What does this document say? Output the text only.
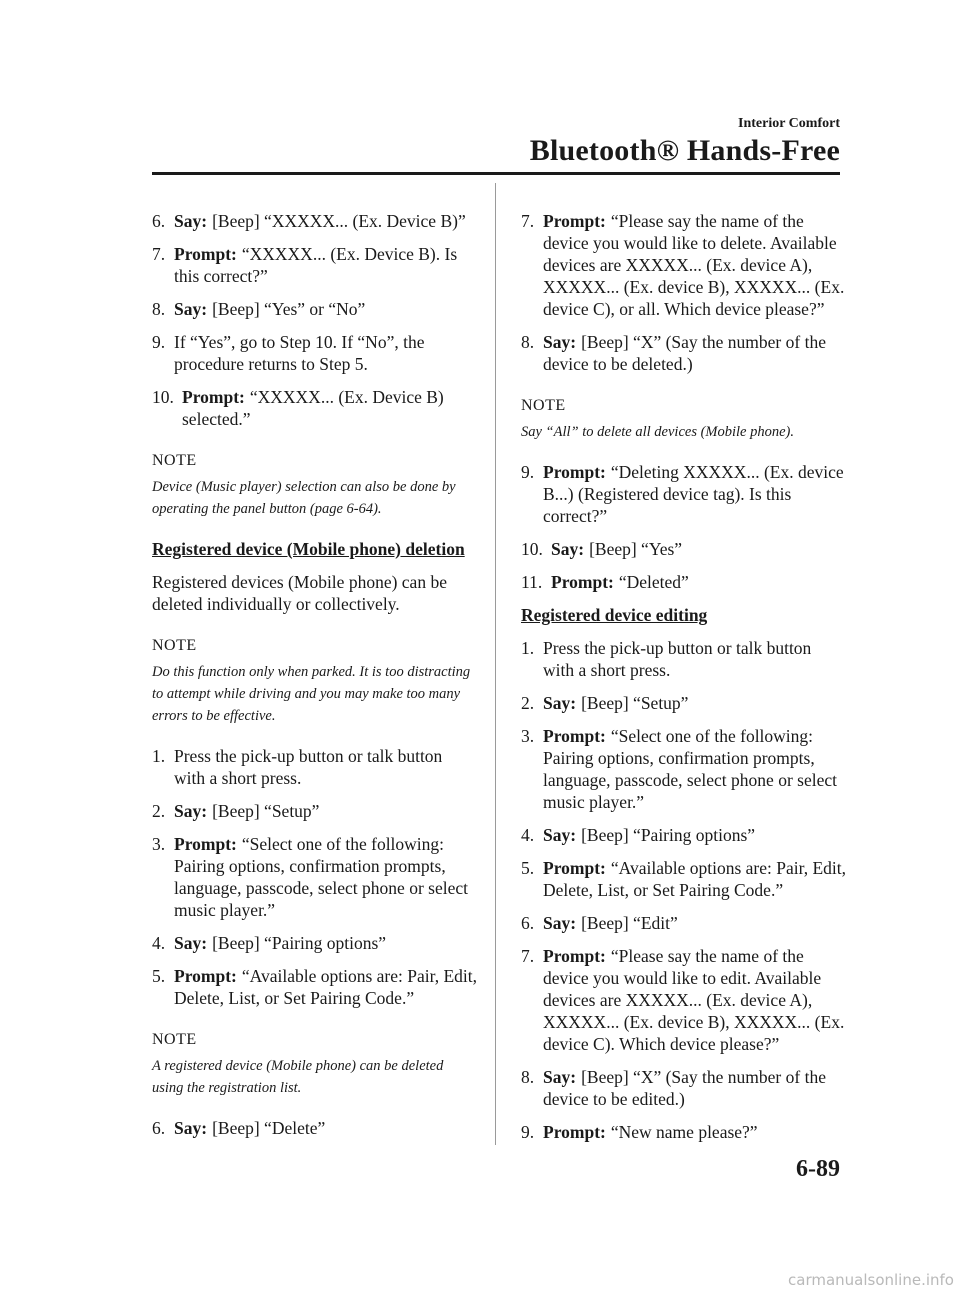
Interior Comfort
Bluetooth® Hands-Free
6. Say: [Beep] “XXXXX... (Ex. Device B)”
7. Prompt: “XXXXX... (Ex. Device B). Is this correct?”
8. Say: [Beep] “Yes” or “No”
9. If “Yes”, go to Step 10. If “No”, the procedure returns to Step 5.
10. Prompt: “XXXXX... (Ex. Device B) selected.”
NOTE
Device (Music player) selection can also be done by operating the panel button (page 6-64).
Registered device (Mobile phone) deletion
Registered devices (Mobile phone) can be deleted individually or collectively.
NOTE
Do this function only when parked. It is too distracting to attempt while driving and you may make too many errors to be effective.
1. Press the pick-up button or talk button with a short press.
2. Say: [Beep] “Setup”
3. Prompt: “Select one of the following: Pairing options, confirmation prompts, language, passcode, select phone or select music player.”
4. Say: [Beep] “Pairing options”
5. Prompt: “Available options are: Pair, Edit, Delete, List, or Set Pairing Code.”
NOTE
A registered device (Mobile phone) can be deleted using the registration list.
6. Say: [Beep] “Delete”
7. Prompt: “Please say the name of the device you would like to delete. Available devices are XXXXX... (Ex. device A), XXXXX... (Ex. device B), XXXXX... (Ex. device C), or all. Which device please?”
8. Say: [Beep] “X” (Say the number of the device to be deleted.)
NOTE
Say “All” to delete all devices (Mobile phone).
9. Prompt: “Deleting XXXXX... (Ex. device B...) (Registered device tag). Is this correct?”
10. Say: [Beep] “Yes”
11. Prompt: “Deleted”
Registered device editing
1. Press the pick-up button or talk button with a short press.
2. Say: [Beep] “Setup”
3. Prompt: “Select one of the following: Pairing options, confirmation prompts, language, passcode, select phone or select music player.”
4. Say: [Beep] “Pairing options”
5. Prompt: “Available options are: Pair, Edit, Delete, List, or Set Pairing Code.”
6. Say: [Beep] “Edit”
7. Prompt: “Please say the name of the device you would like to edit. Available devices are XXXXX... (Ex. device A), XXXXX... (Ex. device B), XXXXX... (Ex. device C). Which device please?”
8. Say: [Beep] “X” (Say the number of the device to be edited.)
9. Prompt: “New name please?”
6-89
carmanualsonline.info
